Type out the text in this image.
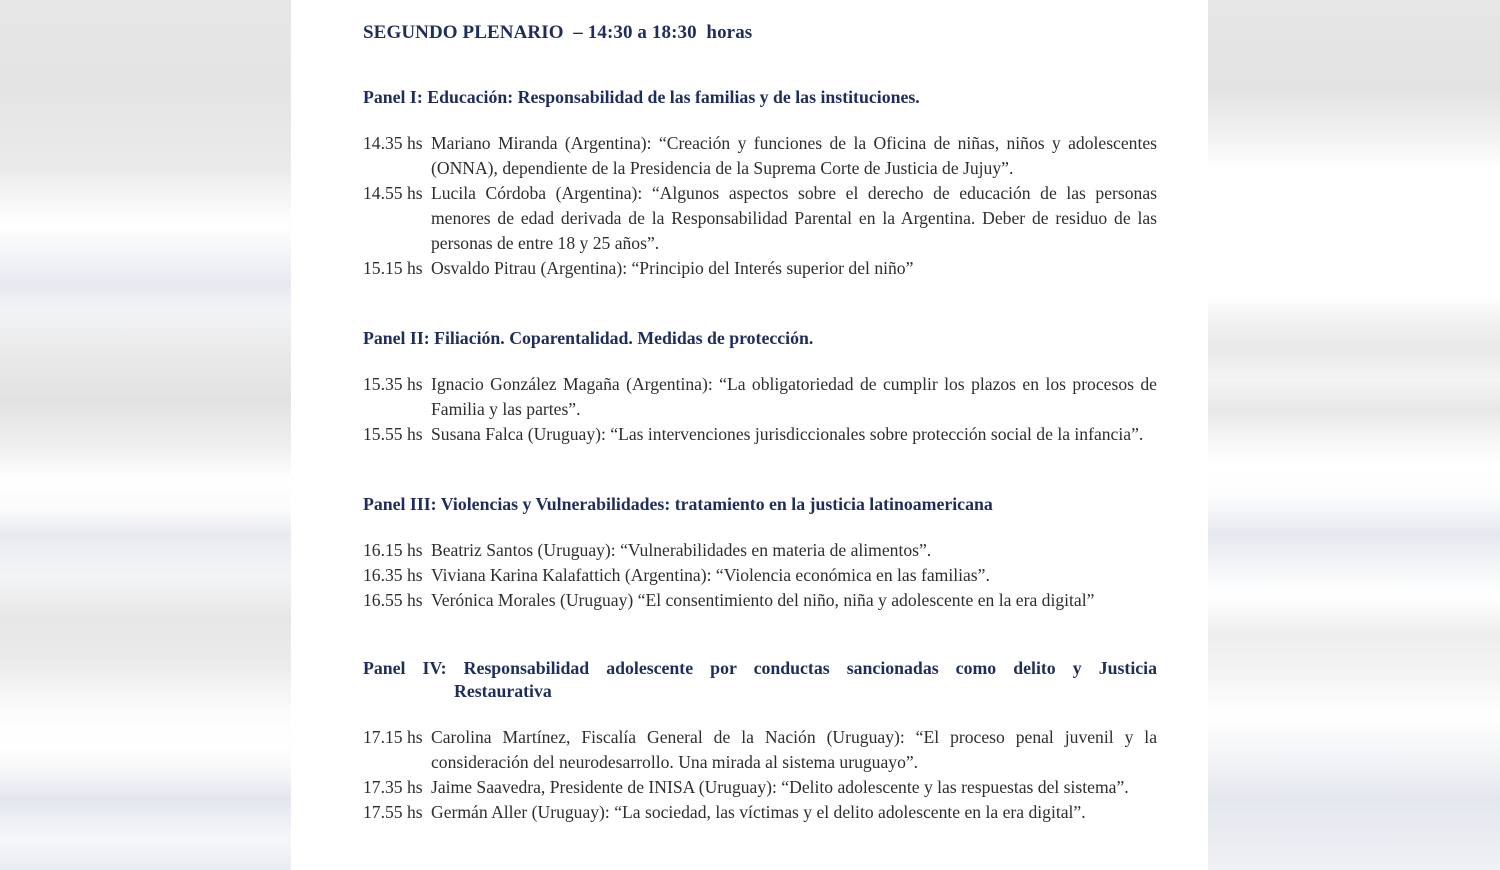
SEGUNDO PLENARIO  – 14:30 a 18:30  horas
Panel I: Educación: Responsabilidad de las familias y de las instituciones.
14.35 hs Mariano Miranda (Argentina): “Creación y funciones de la Oficina de niñas, niños y adolescentes (ONNA), dependiente de la Presidencia de la Suprema Corte de Justicia de Jujuy”.
14.55 hs Lucila Córdoba (Argentina): “Algunos aspectos sobre el derecho de educación de las personas menores de edad derivada de la Responsabilidad Parental en la Argentina. Deber de residuo de las personas de entre 18 y 25 años”.
15.15 hs Osvaldo Pitrau (Argentina): “Principio del Interés superior del niño”
Panel II: Filiación. Coparentalidad. Medidas de protección.
15.35 hs Ignacio González Magaña (Argentina): “La obligatoriedad de cumplir los plazos en los procesos de Familia y las partes”.
15.55 hs Susana Falca (Uruguay): “Las intervenciones jurisdiccionales sobre protección social de la infancia”.
Panel III: Violencias y Vulnerabilidades: tratamiento en la justicia latinoamericana
16.15 hs Beatriz Santos (Uruguay): “Vulnerabilidades en materia de alimentos”.
16.35 hs Viviana Karina Kalafattich (Argentina): “Violencia económica en las familias”.
16.55 hs Verónica Morales (Uruguay) “El consentimiento del niño, niña y adolescente en la era digital”
Panel IV: Responsabilidad adolescente por conductas sancionadas como delito y Justicia Restaurativa
17.15 hs Carolina Martínez, Fiscalía General de la Nación (Uruguay): “El proceso penal juvenil y la consideración del neurodesarrollo. Una mirada al sistema uruguayo”.
17.35 hs Jaime Saavedra, Presidente de INISA (Uruguay): “Delito adolescente y las respuestas del sistema”.
17.55 hs Germán Aller (Uruguay): “La sociedad, las víctimas y el delito adolescente en la era digital”.
